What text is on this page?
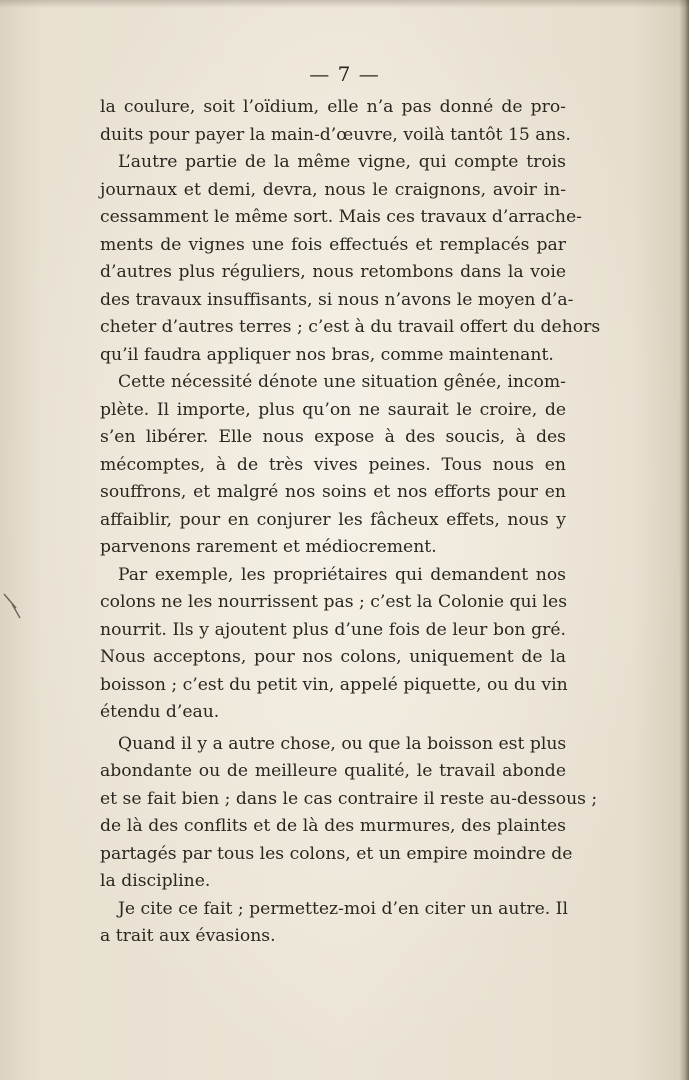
— 7 —
la coulure, soit l’oïdium, elle n’a pas donné de pro-
duits pour payer la main-d’œuvre, voilà tantôt 15 ans.
L’autre partie de la même vigne, qui compte trois
journaux et demi, devra, nous le craignons, avoir in-
cessamment le même sort. Mais ces travaux d’arrache-
ments de vignes une fois effectués et remplacés par
d’autres plus réguliers, nous retombons dans la voie
des travaux insuffisants, si nous n’avons le moyen d’a-
cheter d’autres terres ; c’est à du travail offert du dehors
qu’il faudra appliquer nos bras, comme maintenant.
Cette nécessité dénote une situation gênée, incom-
plète. Il importe, plus qu’on ne saurait le croire, de
s’en libérer. Elle nous expose à des soucis, à des
mécomptes, à de très vives peines. Tous nous en
souffrons, et malgré nos soins et nos efforts pour en
affaiblir, pour en conjurer les fâcheux effets, nous y
parvenons rarement et médiocrement.
Par exemple, les propriétaires qui demandent nos
colons ne les nourrissent pas ; c’est la Colonie qui les
nourrit. Ils y ajoutent plus d’une fois de leur bon gré.
Nous acceptons, pour nos colons, uniquement de la
boisson ; c’est du petit vin, appelé piquette, ou du vin
étendu d’eau.
Quand il y a autre chose, ou que la boisson est plus
abondante ou de meilleure qualité, le travail abonde
et se fait bien ; dans le cas contraire il reste au-dessous ;
de là des conflits et de là des murmures, des plaintes
partagés par tous les colons, et un empire moindre de
la discipline.
Je cite ce fait ; permettez-moi d’en citer un autre. Il
a trait aux évasions.
